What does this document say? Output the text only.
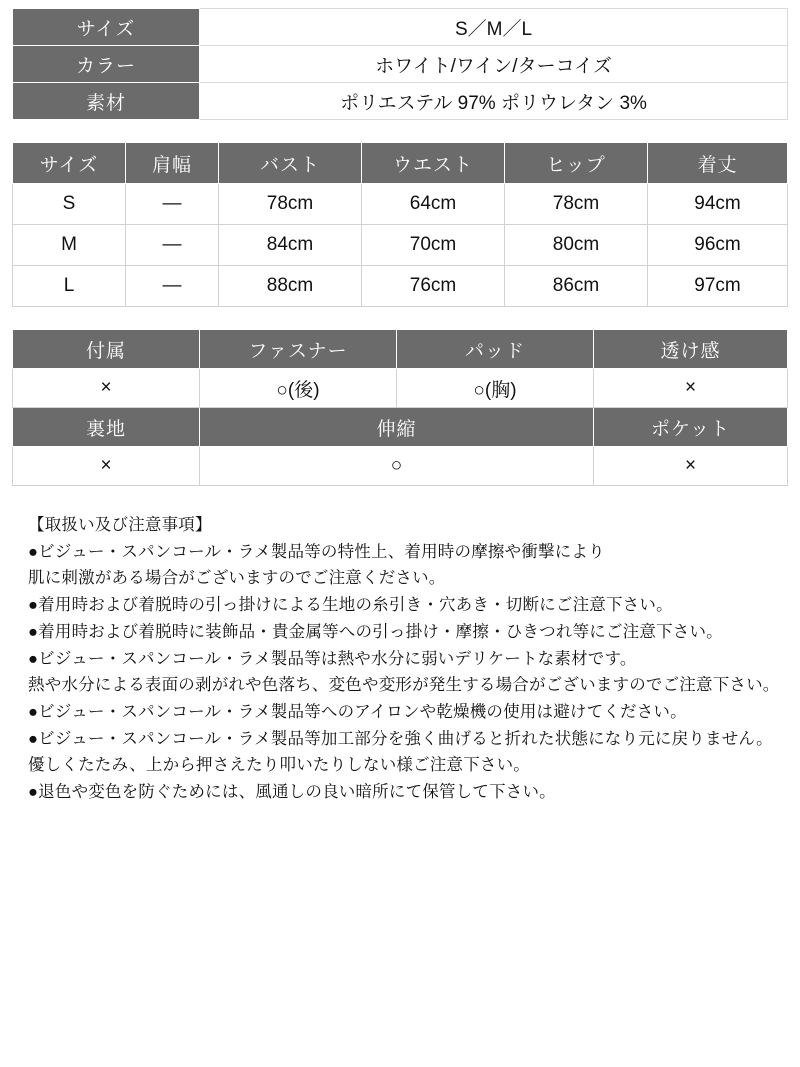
サイズ	S／M／L
カラー	ホワイト/ワイン/ターコイズ
素材	ポリエステル 97% ポリウレタン 3%
サイズ	肩幅	バスト	ウエスト	ヒップ	着丈
S	―	78cm	64cm	78cm	94cm
M	―	84cm	70cm	80cm	96cm
L	―	88cm	76cm	86cm	97cm
付属	ファスナー	パッド	透け感
×	○(後)	○(胸)	×
裏地	伸縮		ポケット
×	○		×
【取扱い及び注意事項】
●ビジュー・スパンコール・ラメ製品等の特性上、着用時の摩擦や衝撃により
肌に刺激がある場合がございますのでご注意ください。
●着用時および着脱時の引っ掛けによる生地の糸引き・穴あき・切断にご注意下さい。
●着用時および着脱時に装飾品・貴金属等への引っ掛け・摩擦・ひきつれ等にご注意下さい。
●ビジュー・スパンコール・ラメ製品等は熱や水分に弱いデリケートな素材です。
熱や水分による表面の剥がれや色落ち、変色や変形が発生する場合がございますのでご注意下さい。
●ビジュー・スパンコール・ラメ製品等へのアイロンや乾燥機の使用は避けてください。
●ビジュー・スパンコール・ラメ製品等加工部分を強く曲げると折れた状態になり元に戻りません。
優しくたたみ、上から押さえたり叩いたりしない様ご注意下さい。
●退色や変色を防ぐためには、風通しの良い暗所にて保管して下さい。
